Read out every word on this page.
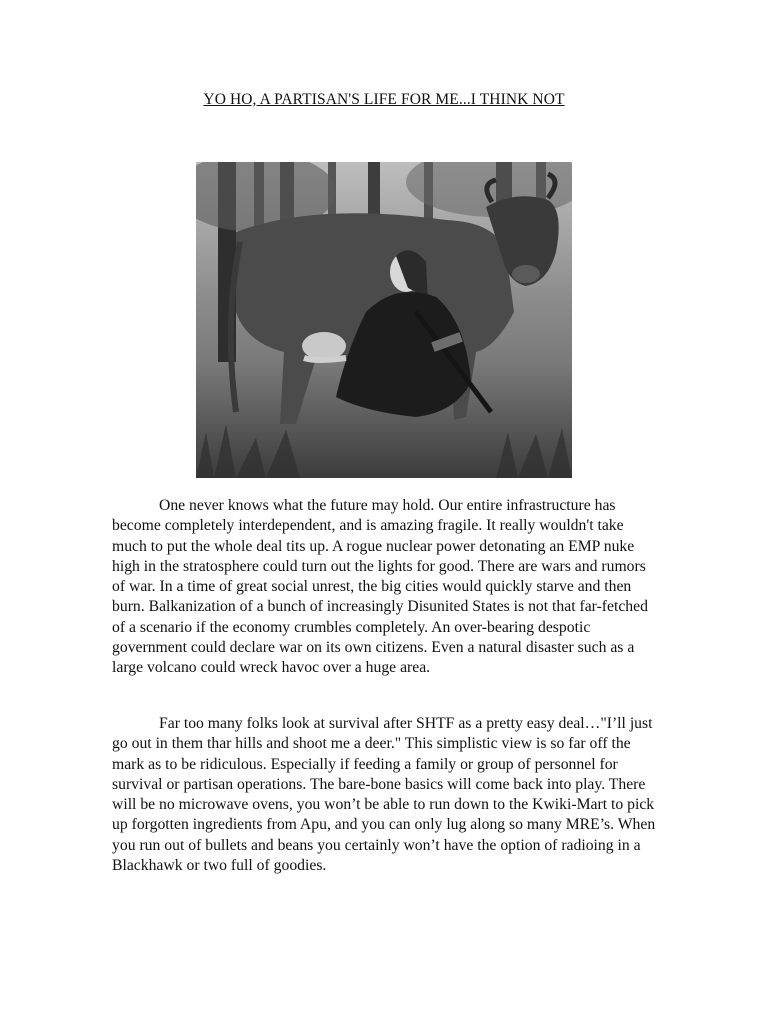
YO HO, A PARTISAN'S LIFE FOR ME...I THINK NOT

One never knows what the future may hold. Our entire infrastructure has become completely interdependent, and is amazing fragile. It really wouldn't take much to put the whole deal tits up. A rogue nuclear power detonating an EMP nuke high in the stratosphere could turn out the lights for good. There are wars and rumors of war. In a time of great social unrest, the big cities would quickly starve and then burn. Balkanization of a bunch of increasingly Disunited States is not that far-fetched of a scenario if the economy crumbles completely. An over-bearing despotic government could declare war on its own citizens. Even a natural disaster such as a large volcano could wreck havoc over a huge area.

Far too many folks look at survival after SHTF as a pretty easy deal…"I’ll just go out in them thar hills and shoot me a deer." This simplistic view is so far off the mark as to be ridiculous. Especially if feeding a family or group of personnel for survival or partisan operations. The bare-bone basics will come back into play. There will be no microwave ovens, you won’t be able to run down to the Kwiki-Mart to pick up forgotten ingredients from Apu, and you can only lug along so many MRE’s. When you run out of bullets and beans you certainly won’t have the option of radioing in a Blackhawk or two full of goodies.
